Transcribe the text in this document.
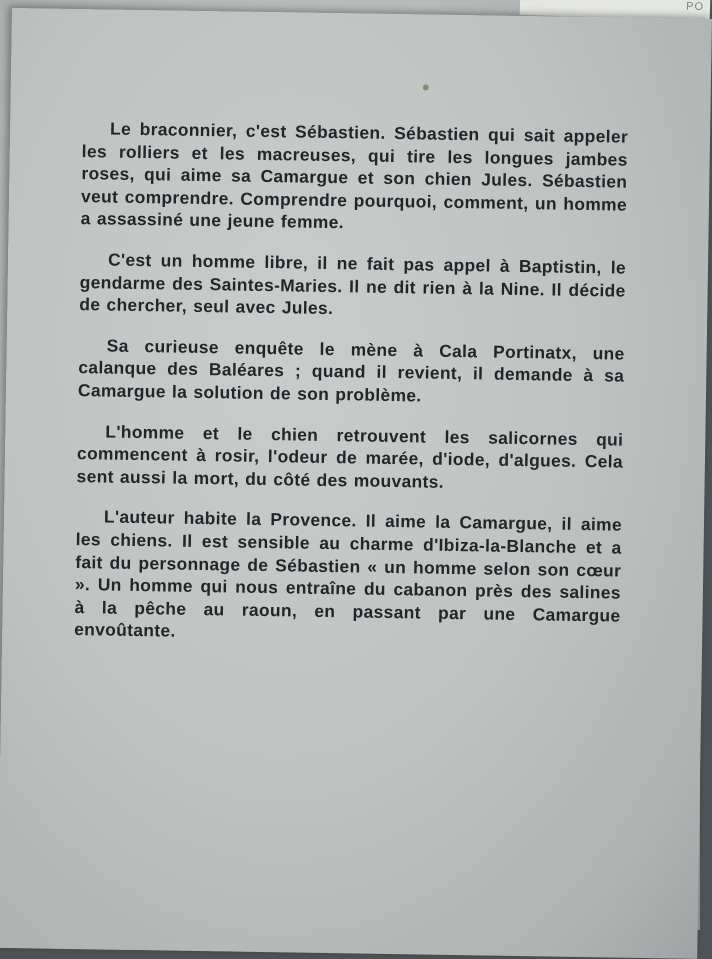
PO

Le braconnier, c'est Sébastien. Sébastien qui sait appeler les rolliers et les macreuses, qui tire les longues jambes roses, qui aime sa Camargue et son chien Jules. Sébastien veut comprendre. Comprendre pourquoi, comment, un homme a assassiné une jeune femme.

C'est un homme libre, il ne fait pas appel à Baptistin, le gendarme des Saintes-Maries. Il ne dit rien à la Nine. Il décide de chercher, seul avec Jules.

Sa curieuse enquête le mène à Cala Portinatx, une calanque des Baléares ; quand il revient, il demande à sa Camargue la solution de son problème.

L'homme et le chien retrouvent les salicornes qui commencent à rosir, l'odeur de marée, d'iode, d'algues. Cela sent aussi la mort, du côté des mouvants.

L'auteur habite la Provence. Il aime la Camargue, il aime les chiens. Il est sensible au charme d'Ibiza-la-Blanche et a fait du personnage de Sébastien « un homme selon son cœur ». Un homme qui nous entraîne du cabanon près des salines à la pêche au raoun, en passant par une Camargue envoûtante.
